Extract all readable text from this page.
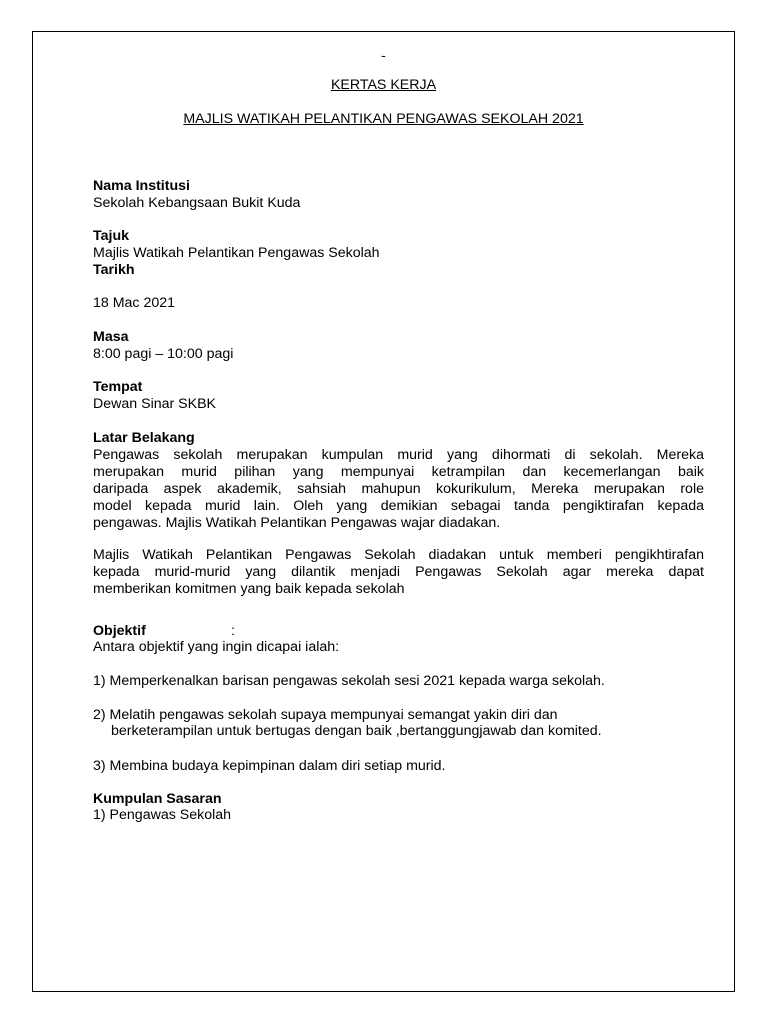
-
KERTAS KERJA
MAJLIS WATIKAH PELANTIKAN PENGAWAS SEKOLAH 2021
Nama Institusi
Sekolah Kebangsaan Bukit Kuda
Tajuk
Majlis Watikah Pelantikan Pengawas Sekolah
Tarikh
18 Mac 2021
Masa
8:00 pagi – 10:00 pagi
Tempat
Dewan Sinar SKBK
Latar Belakang
Pengawas sekolah merupakan kumpulan murid yang dihormati di sekolah. Mereka
merupakan murid pilihan yang mempunyai ketrampilan dan kecemerlangan baik
daripada aspek akademik, sahsiah mahupun kokurikulum, Mereka merupakan role
model kepada murid lain. Oleh yang demikian sebagai tanda pengiktirafan kepada
pengawas. Majlis Watikah Pelantikan Pengawas wajar diadakan.
Majlis Watikah Pelantikan Pengawas Sekolah diadakan untuk memberi pengikhtirafan
kepada murid-murid yang dilantik menjadi Pengawas Sekolah agar mereka dapat
memberikan komitmen yang baik kepada sekolah
Objektif	:
Antara objektif yang ingin dicapai ialah:
1) Memperkenalkan barisan pengawas sekolah sesi 2021 kepada warga sekolah.
2) Melatih pengawas sekolah supaya mempunyai semangat yakin diri dan
berketerampilan untuk bertugas dengan baik ,bertanggungjawab dan komited.
3) Membina budaya kepimpinan dalam diri setiap murid.
Kumpulan Sasaran
1) Pengawas Sekolah
